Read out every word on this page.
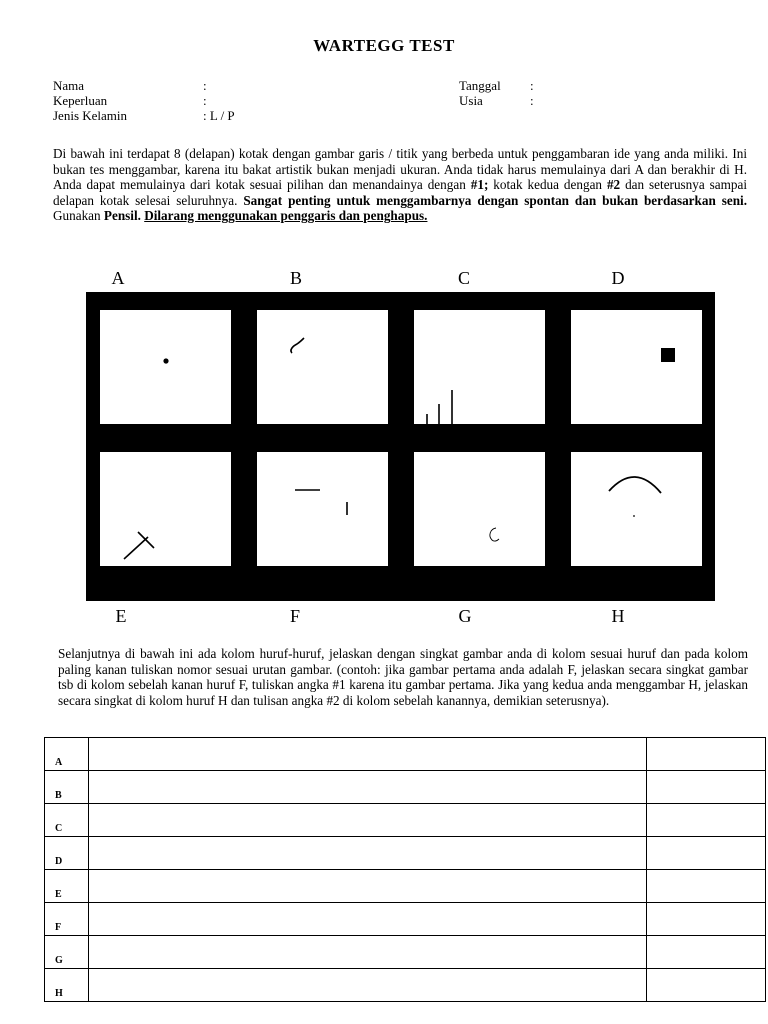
WARTEGG TEST
Nama	:
Keperluan	:
Jenis Kelamin	: L / P
Tanggal :
Usia	:
Di bawah ini terdapat 8 (delapan) kotak dengan gambar garis / titik yang berbeda untuk penggambaran ide yang anda miliki. Ini bukan tes menggambar, karena itu bakat artistik bukan menjadi ukuran. Anda tidak harus memulainya dari A dan berakhir di H. Anda dapat memulainya dari kotak sesuai pilihan dan menandainya dengan #1; kotak kedua dengan #2 dan seterusnya sampai delapan kotak selesai seluruhnya. Sangat penting untuk menggambarnya dengan spontan dan bukan berdasarkan seni. Gunakan Pensil. Dilarang menggunakan penggaris dan penghapus.
A	B	C	D
E	F	G	H
Selanjutnya di bawah ini ada kolom huruf-huruf, jelaskan dengan singkat gambar anda di kolom sesuai huruf dan pada kolom paling kanan tuliskan nomor sesuai urutan gambar. (contoh: jika gambar pertama anda adalah F, jelaskan secara singkat gambar tsb di kolom sebelah kanan huruf F, tuliskan angka #1 karena itu gambar pertama. Jika yang kedua anda menggambar H, jelaskan secara singkat di kolom huruf H dan tulisan angka #2 di kolom sebelah kanannya, demikian seterusnya).
A		
B		
C		
D		
E		
F		
G		
H		
